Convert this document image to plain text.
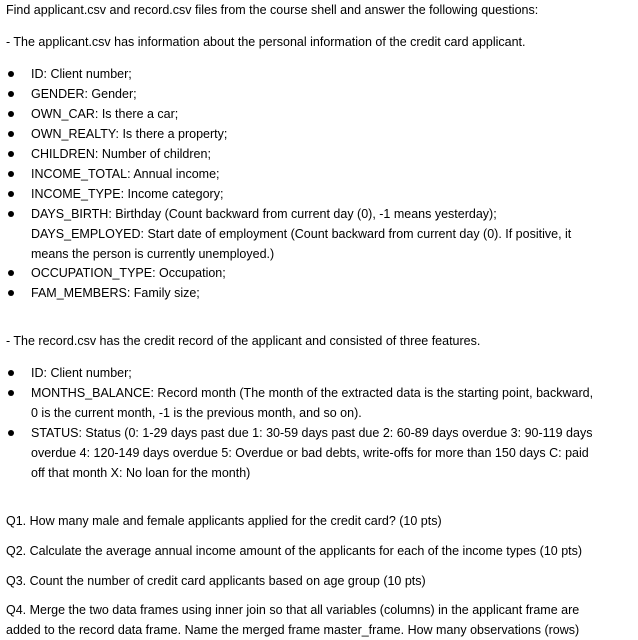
Find applicant.csv and record.csv files from the course shell and answer the following questions:
- The applicant.csv has information about the personal information of the credit card applicant.
ID: Client number;
GENDER: Gender;
OWN_CAR: Is there a car;
OWN_REALTY: Is there a property;
CHILDREN: Number of children;
INCOME_TOTAL: Annual income;
INCOME_TYPE: Income category;
DAYS_BIRTH: Birthday (Count backward from current day (0), -1 means yesterday);
DAYS_EMPLOYED: Start date of employment (Count backward from current day (0). If positive, it
means the person is currently unemployed.)
OCCUPATION_TYPE: Occupation;
FAM_MEMBERS: Family size;
- The record.csv has the credit record of the applicant and consisted of three features.
ID: Client number;
MONTHS_BALANCE: Record month (The month of the extracted data is the starting point, backward,
0 is the current month, -1 is the previous month, and so on).
STATUS: Status (0: 1-29 days past due 1: 30-59 days past due 2: 60-89 days overdue 3: 90-119 days
overdue 4: 120-149 days overdue 5: Overdue or bad debts, write-offs for more than 150 days C: paid
off that month X: No loan for the month)
Q1. How many male and female applicants applied for the credit card? (10 pts)
Q2. Calculate the average annual income amount of the applicants for each of the income types (10 pts)
Q3. Count the number of credit card applicants based on age group (10 pts)
Q4. Merge the two data frames using inner join so that all variables (columns) in the applicant frame are
added to the record data frame. Name the merged frame master_frame. How many observations (rows)
